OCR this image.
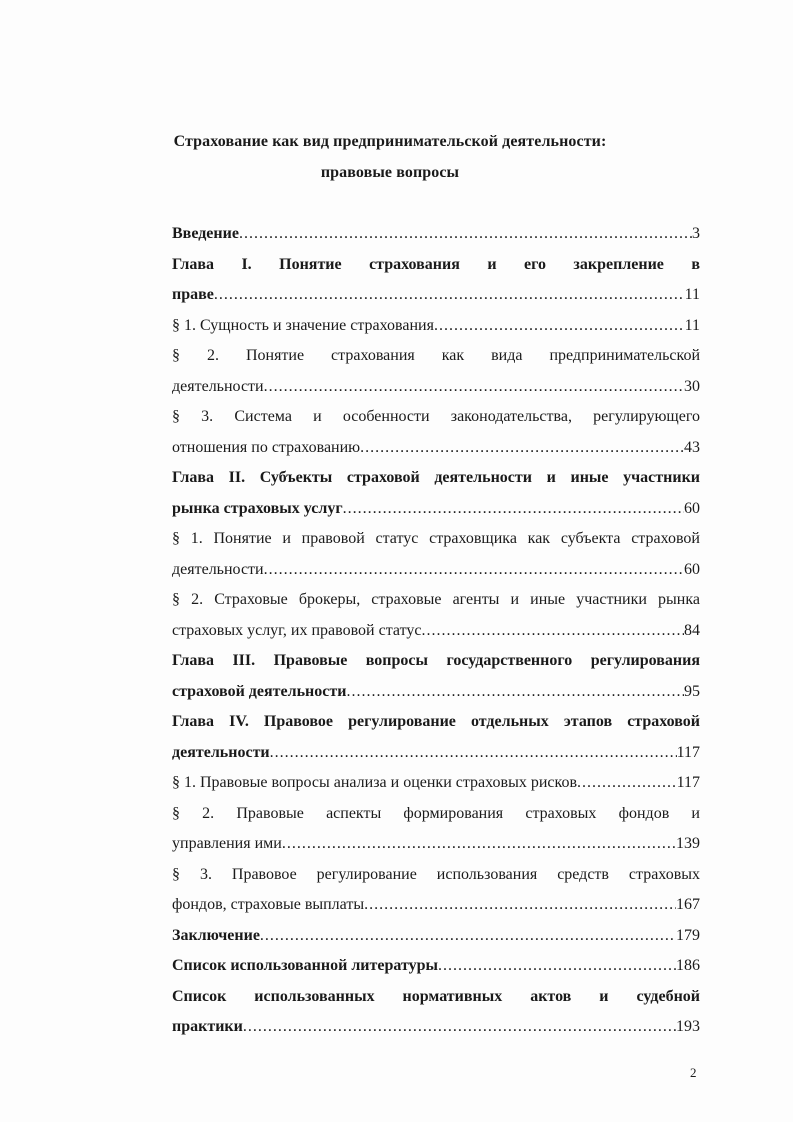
Страхование как вид предпринимательской деятельности:
правовые вопросы
Введение .....	3
Глава I. Понятие страхования и его закрепление в
праве .....	11
§ 1. Сущность и значение страхования .....	11
§ 2. Понятие страхования как вида предпринимательской
деятельности .....	30
§ 3. Система и особенности законодательства, регулирующего
отношения по страхованию .....	43
Глава II. Субъекты страховой деятельности и иные участники
рынка страховых услуг .....	60
§ 1. Понятие и правовой статус страховщика как субъекта страховой
деятельности .....	60
§ 2. Страховые брокеры, страховые агенты и иные участники рынка
страховых услуг, их правовой статус .....	84
Глава III. Правовые вопросы государственного регулирования
страховой деятельности .....	95
Глава IV. Правовое регулирование отдельных этапов страховой
деятельности .....	117
§ 1. Правовые вопросы анализа и оценки страховых рисков .....	117
§ 2. Правовые аспекты формирования страховых фондов и
управления ими .....	139
§ 3. Правовое регулирование использования средств страховых
фондов, страховые выплаты .....	167
Заключение .....	179
Список использованной литературы .....	186
Список использованных нормативных актов и судебной
практики .....	193
2
